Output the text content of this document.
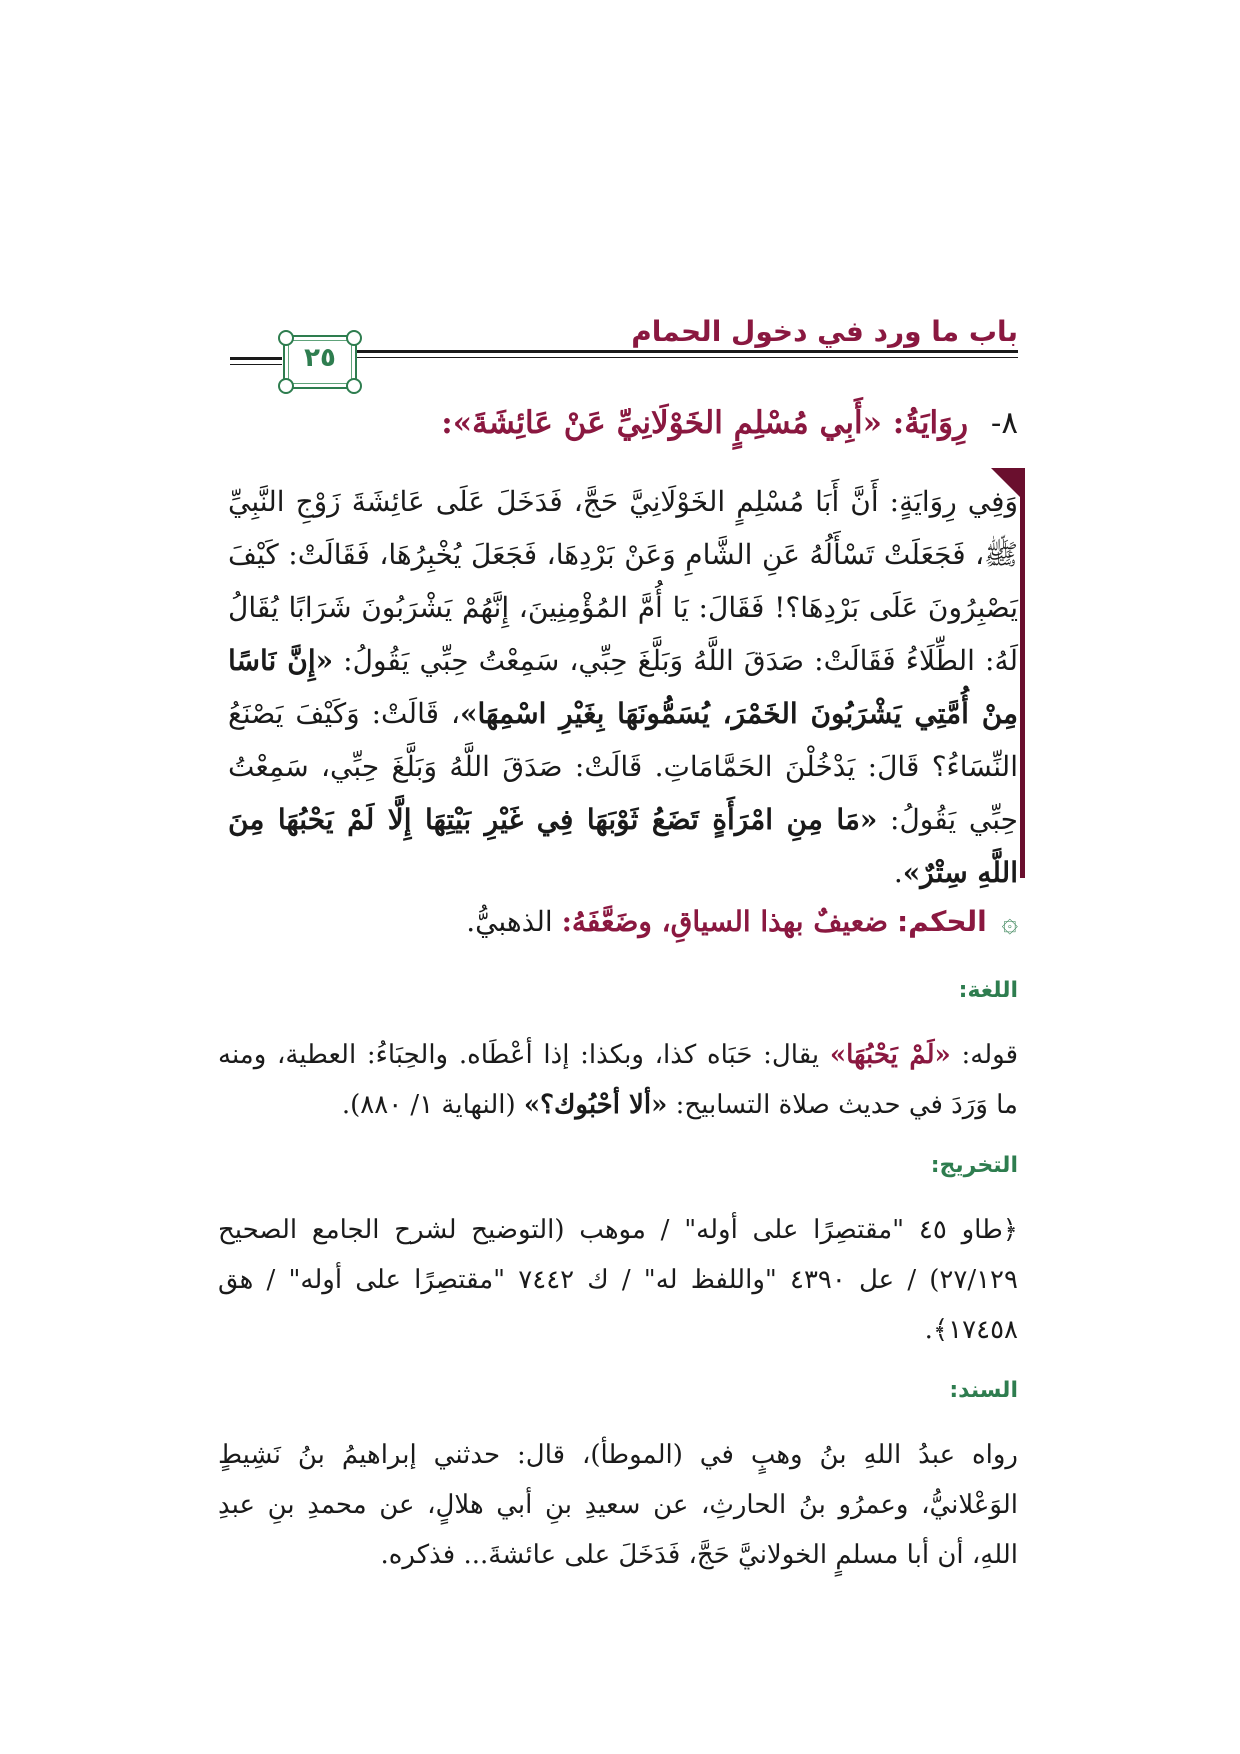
باب ما ورد في دخول الحمام
٢٥
٨- رِوَايَةُ: «أَبِي مُسْلِمٍ الخَوْلَانِيِّ عَنْ عَائِشَةَ»:
وَفِي رِوَايَةٍ: أَنَّ أَبَا مُسْلِمٍ الخَوْلَانِيَّ حَجَّ، فَدَخَلَ عَلَى عَائِشَةَ زَوْجِ النَّبِيِّ ﷺ، فَجَعَلَتْ تَسْأَلُهُ عَنِ الشَّامِ وَعَنْ بَرْدِهَا، فَجَعَلَ يُخْبِرُهَا، فَقَالَتْ: كَيْفَ يَصْبِرُونَ عَلَى بَرْدِهَا؟! فَقَالَ: يَا أُمَّ المُؤْمِنِينَ، إِنَّهُمْ يَشْرَبُونَ شَرَابًا يُقَالُ لَهُ: الطِّلَاءُ فَقَالَتْ: صَدَقَ اللَّهُ وَبَلَّغَ حِبِّي، سَمِعْتُ حِبِّي يَقُولُ: «إِنَّ نَاسًا مِنْ أُمَّتِي يَشْرَبُونَ الخَمْرَ، يُسَمُّونَهَا بِغَيْرِ اسْمِهَا»، قَالَتْ: وَكَيْفَ يَصْنَعُ النِّسَاءُ؟ قَالَ: يَدْخُلْنَ الحَمَّامَاتِ. قَالَتْ: صَدَقَ اللَّهُ وَبَلَّغَ حِبِّي، سَمِعْتُ حِبِّي يَقُولُ: «مَا مِنِ امْرَأَةٍ تَضَعُ ثَوْبَهَا فِي غَيْرِ بَيْتِهَا إِلَّا لَمْ يَحْبُهَا مِنَ اللَّهِ سِتْرٌ».
۞ الحكم: ضعيفٌ بهذا السياقِ، وضَعَّفَهُ: الذهبيُّ.
اللغة:
قوله: «لَمْ يَحْبُهَا» يقال: حَبَاه كذا، وبكذا: إذا أعْطَاه. والحِبَاءُ: العطية، ومنه ما وَرَدَ في حديث صلاة التسابيح: «ألا أحْبُوك؟» (النهاية ١/ ٨٨٠).
التخريج:
﴿طاو ٤٥ "مقتصِرًا على أوله" / موهب (التوضيح لشرح الجامع الصحيح ٢٧/١٢٩) / عل ٤٣٩٠ "واللفظ له" / ك ٧٤٤٢ "مقتصِرًا على أوله" / هق ١٧٤٥٨﴾.
السند:
رواه عبدُ اللهِ بنُ وهبٍ في (الموطأ)، قال: حدثني إبراهيمُ بنُ نَشِيطٍ الوَعْلانيُّ، وعمرُو بنُ الحارثِ، عن سعيدِ بنِ أبي هلالٍ، عن محمدِ بنِ عبدِ اللهِ، أن أبا مسلمٍ الخولانيَّ حَجَّ، فَدَخَلَ على عائشةَ... فذكره.
